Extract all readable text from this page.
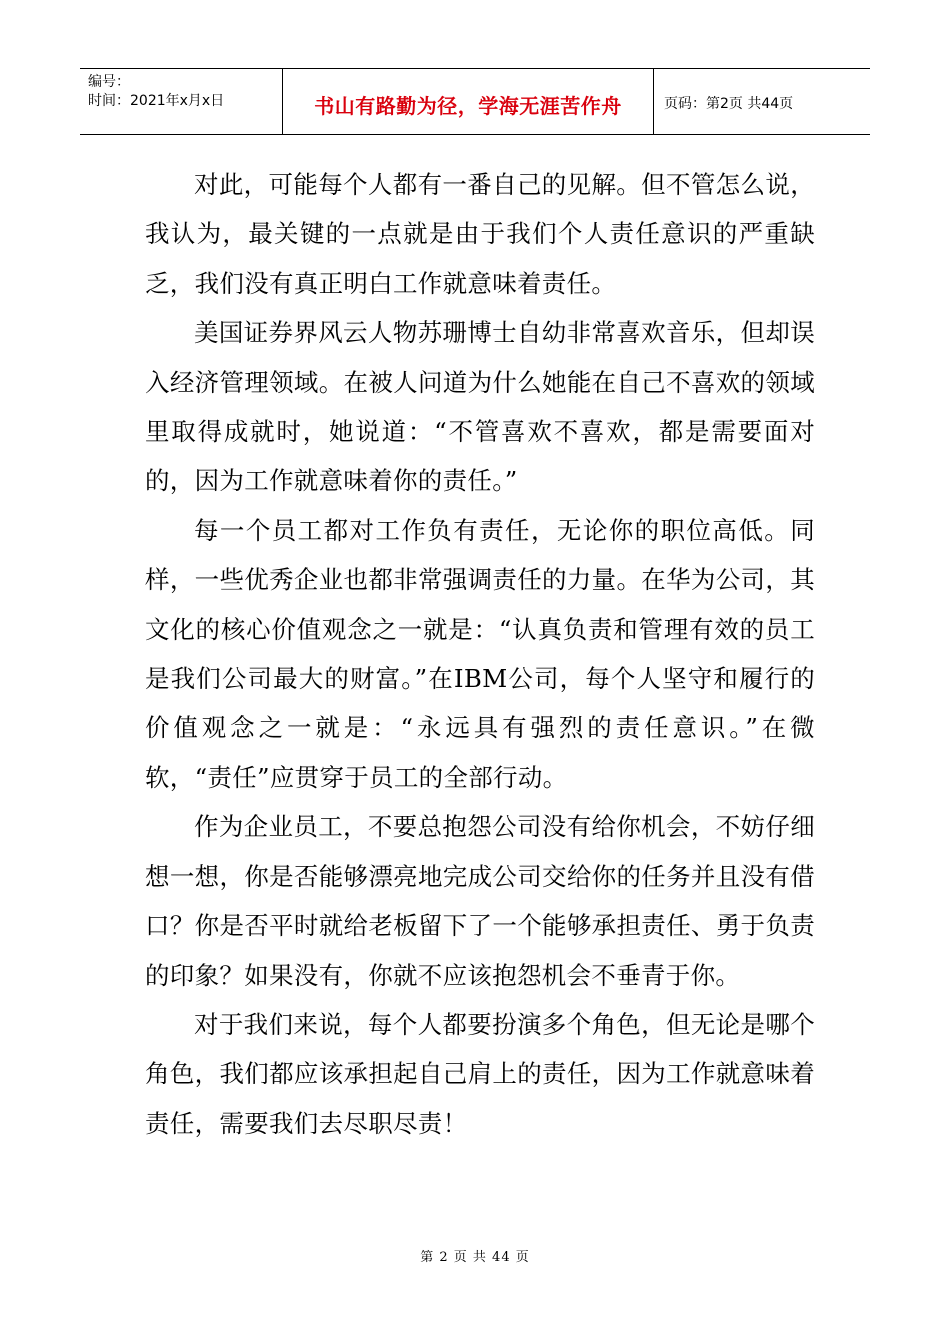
编号：
时间：2021年x月x日	书山有路勤为径，学海无涯苦作舟	页码：第2页 共44页

对此，可能每个人都有一番自己的见解。但不管怎么说，我认为，最关键的一点就是由于我们个人责任意识的严重缺乏，我们没有真正明白工作就意味着责任。

美国证券界风云人物苏珊博士自幼非常喜欢音乐，但却误入经济管理领域。在被人问道为什么她能在自己不喜欢的领域里取得成就时，她说道：“不管喜欢不喜欢，都是需要面对的，因为工作就意味着你的责任。”

每一个员工都对工作负有责任，无论你的职位高低。同样，一些优秀企业也都非常强调责任的力量。在华为公司，其文化的核心价值观念之一就是：“认真负责和管理有效的员工是我们公司最大的财富。”在IBM公司，每个人坚守和履行的价值观念之一就是：“永远具有强烈的责任意识。”在微软，“责任”应贯穿于员工的全部行动。

作为企业员工，不要总抱怨公司没有给你机会，不妨仔细想一想，你是否能够漂亮地完成公司交给你的任务并且没有借口？你是否平时就给老板留下了一个能够承担责任、勇于负责的印象？如果没有，你就不应该抱怨机会不垂青于你。

对于我们来说，每个人都要扮演多个角色，但无论是哪个角色，我们都应该承担起自己肩上的责任，因为工作就意味着责任，需要我们去尽职尽责！

第 2 页 共 44 页
